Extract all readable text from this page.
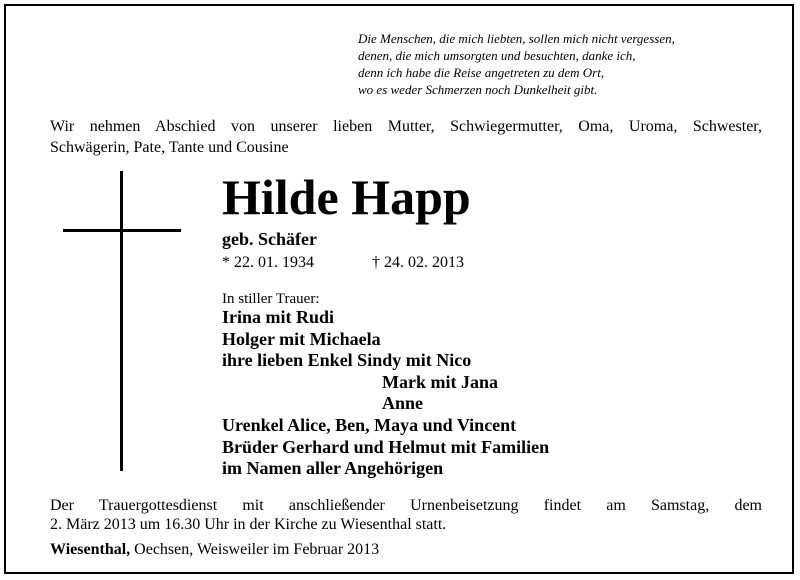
Die Menschen, die mich liebten, sollen mich nicht vergessen,
denen, die mich umsorgten und besuchten, danke ich,
denn ich habe die Reise angetreten zu dem Ort,
wo es weder Schmerzen noch Dunkelheit gibt.
Wir nehmen Abschied von unserer lieben Mutter, Schwiegermutter, Oma, Uroma, Schwester,
Schwägerin, Pate, Tante und Cousine
Hilde Happ
geb. Schäfer
* 22. 01. 1934	† 24. 02. 2013
In stiller Trauer:
Irina mit Rudi
Holger mit Michaela
ihre lieben Enkel Sindy mit Nico
Mark mit Jana
Anne
Urenkel Alice, Ben, Maya und Vincent
Brüder Gerhard und Helmut mit Familien
im Namen aller Angehörigen
Der Trauergottesdienst mit anschließender Urnenbeisetzung findet am Samstag, dem
2. März 2013 um 16.30 Uhr in der Kirche zu Wiesenthal statt.
Wiesenthal, Oechsen, Weisweiler im Februar 2013
